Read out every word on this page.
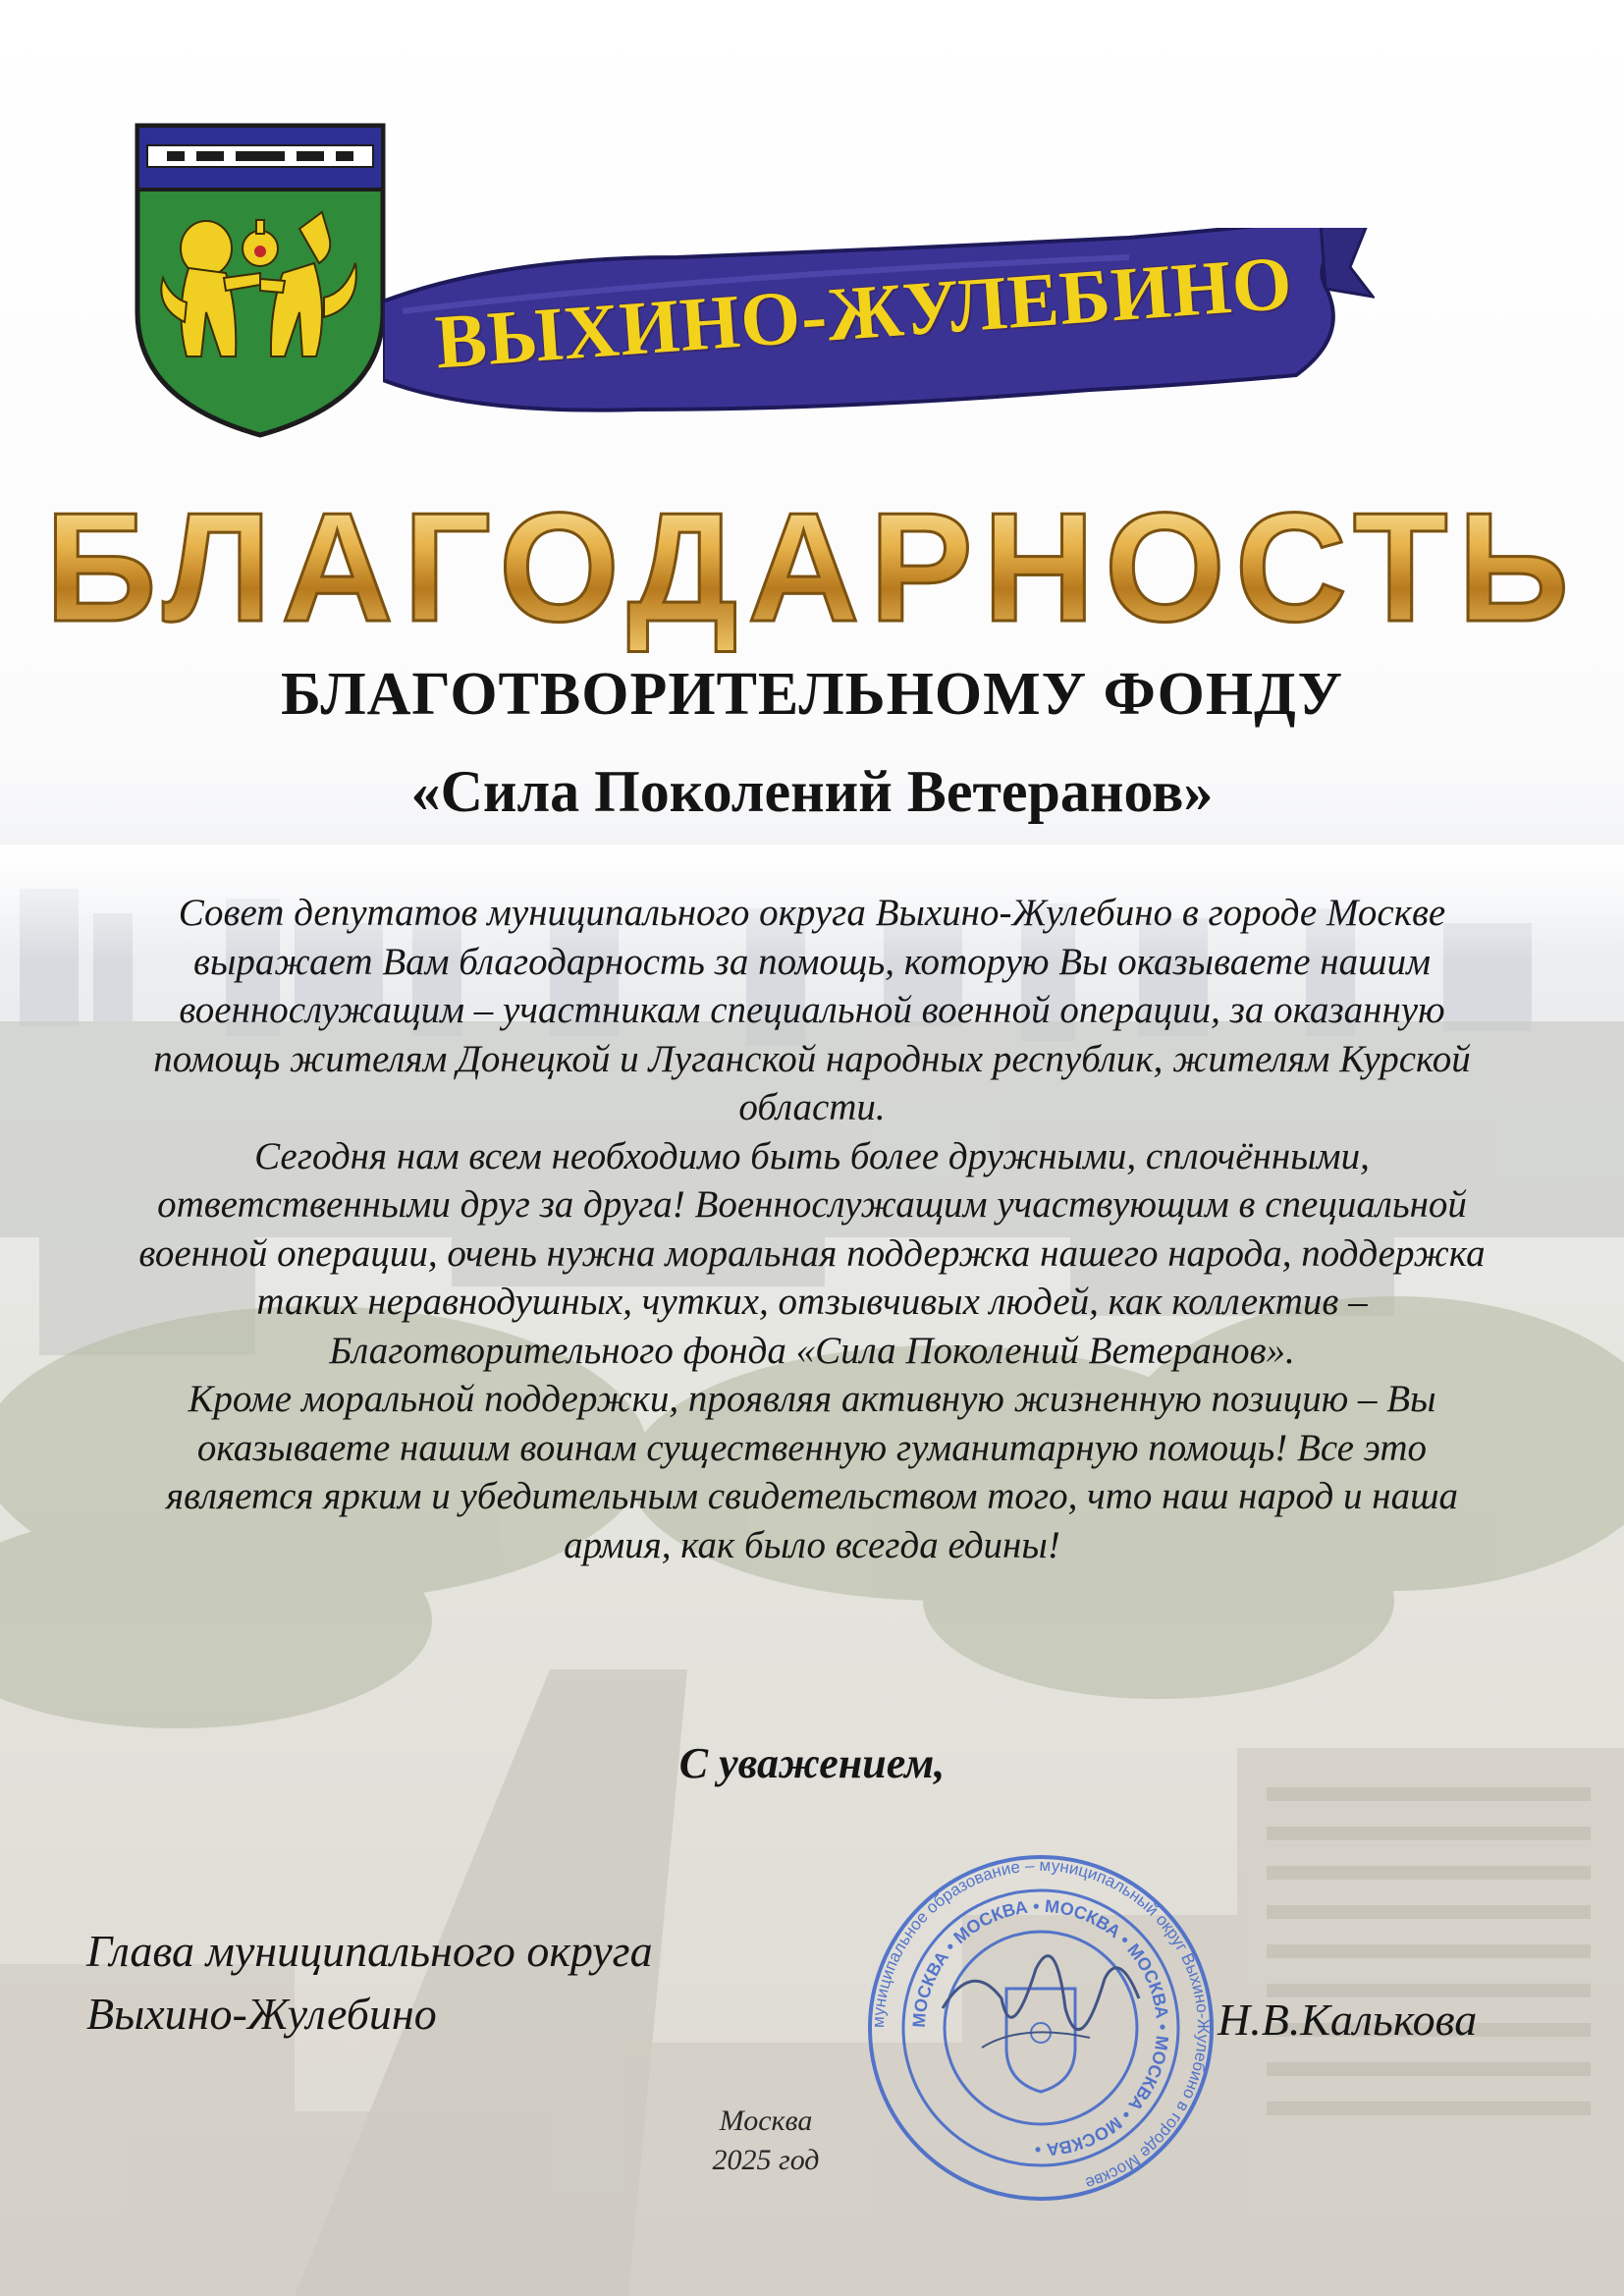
ВЫХИНО-ЖУЛЕБИНО
БЛАГОДАРНОСТЬ
БЛАГОТВОРИТЕЛЬНОМУ ФОНДУ
«Сила Поколений Ветеранов»

Совет депутатов муниципального округа Выхино-Жулебино в городе Москве выражает Вам благодарность за помощь, которую Вы оказываете нашим военнослужащим – участникам специальной военной операции, за оказанную помощь жителям Донецкой и Луганской народных республик, жителям Курской области.

Сегодня нам всем необходимо быть более дружными, сплочёнными, ответственными друг за друга! Военнослужащим участвующим в специальной военной операции, очень нужна моральная поддержка нашего народа, поддержка таких неравнодушных, чутких, отзывчивых людей, как коллектив – Благотворительного фонда «Сила Поколений Ветеранов».

Кроме моральной поддержки, проявляя активную жизненную позицию – Вы оказываете нашим воинам существенную гуманитарную помощь! Все это является ярким и убедительным свидетельством того, что наш народ и наша армия, как было всегда едины!

С уважением,
Глава муниципального округа
Выхино-Жулебино	Н.В.Калькова
муниципальное образование – муниципальный округ Выхино-Жулебино в городе Москве
МОСКВА • МОСКВА • МОСКВА • МОСКВА • МОСКВА • МОСКВА •
Москва
2025 год
